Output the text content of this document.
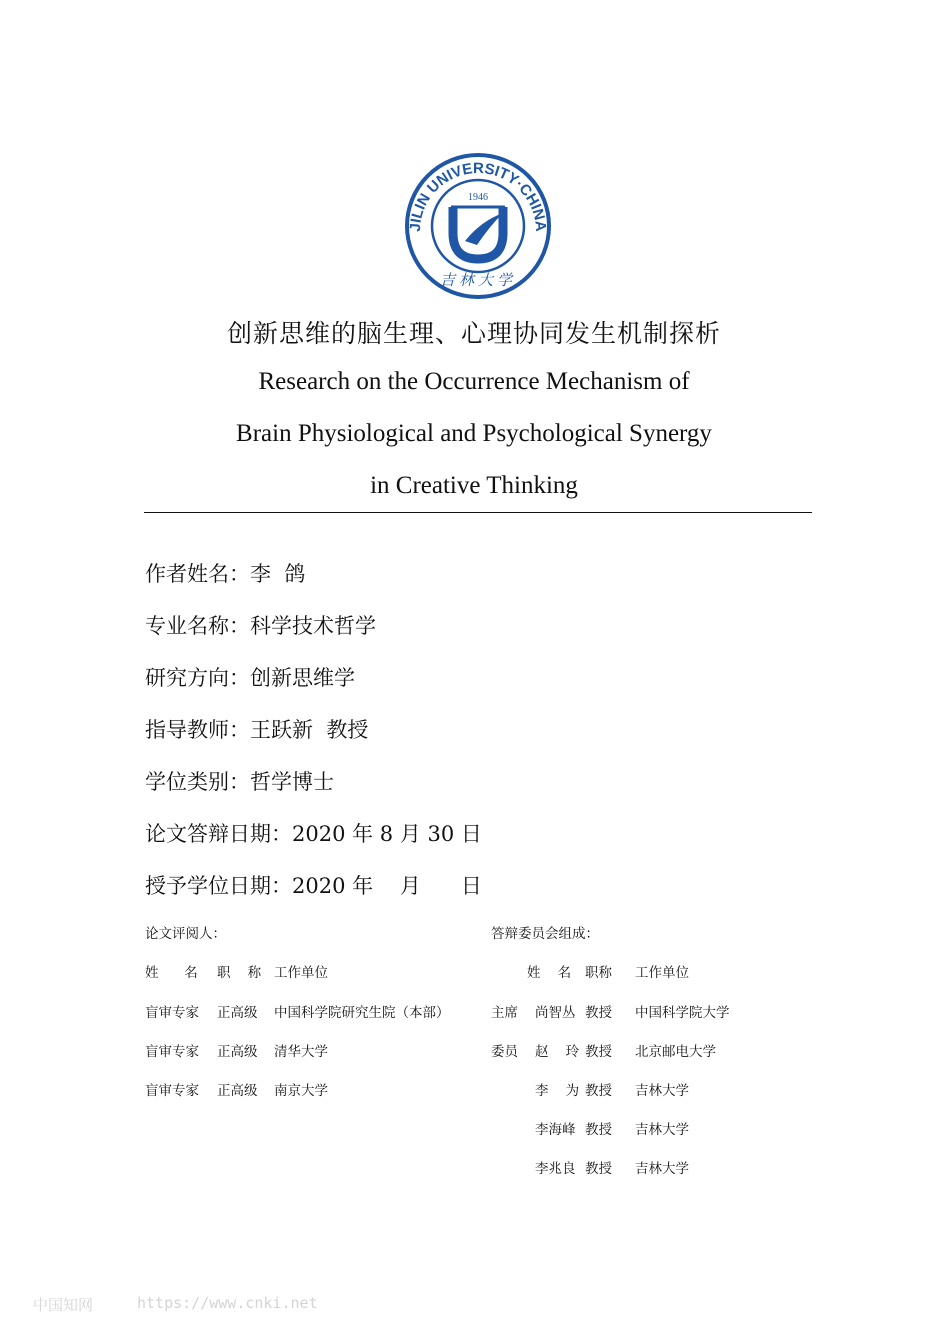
JILIN UNIVERSITY·CHINA
1946
吉林大学
创新思维的脑生理、心理协同发生机制探析
Research on the Occurrence Mechanism of
Brain Physiological and Psychological Synergy
in Creative Thinking
作者姓名：李  鸽
专业名称：科学技术哲学
研究方向：创新思维学
指导教师：王跃新  教授
学位类别：哲学博士
论文答辩日期：2020 年 8 月 30 日
授予学位日期：2020 年    月      日
论文评阅人：
姓      名 职    称 工作单位
盲审专家 正高级 中国科学院研究生院（本部）
盲审专家 正高级 清华大学
盲审专家 正高级 南京大学
答辩委员会组成：
姓    名 职称 工作单位
主席 尚智丛 教授 中国科学院大学
委员 赵    玲 教授 北京邮电大学
李    为 教授 吉林大学
李海峰 教授 吉林大学
李兆良 教授 吉林大学
中国知网	https://www.cnki.net
